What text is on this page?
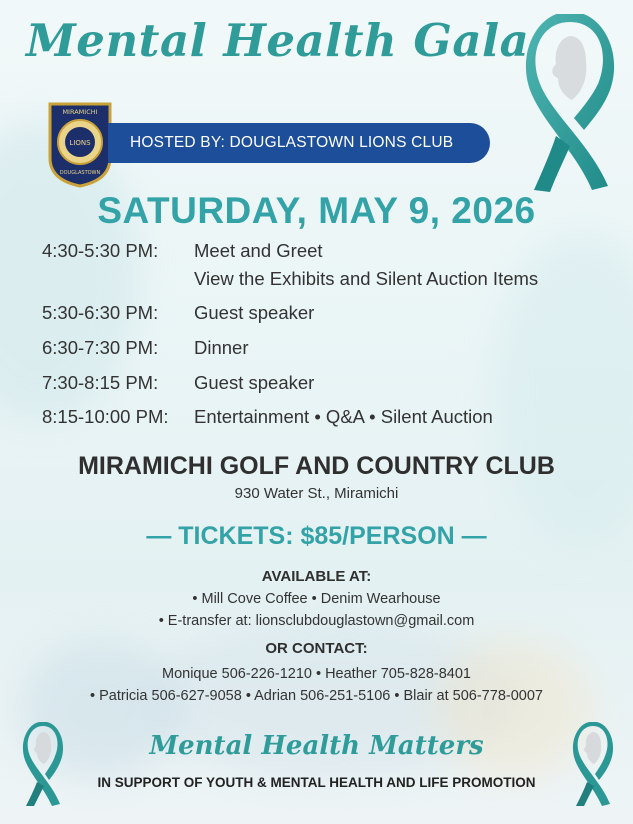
Mental Health Gala
LIONS
MIRAMICHI
DOUGLASTOWN
HOSTED BY: DOUGLASTOWN LIONS CLUB
SATURDAY, MAY 9, 2026
4:30-5:30 PM: Meet and Greet
View the Exhibits and Silent Auction Items
5:30-6:30 PM: Guest speaker
6:30-7:30 PM: Dinner
7:30-8:15 PM: Guest speaker
8:15-10:00 PM: Entertainment • Q&A • Silent Auction
MIRAMICHI GOLF AND COUNTRY CLUB
930 Water St., Miramichi
— TICKETS: $85/PERSON —
AVAILABLE AT:
• Mill Cove Coffee • Denim Wearhouse
• E-transfer at: lionsclubdouglastown@gmail.com
OR CONTACT:
Monique 506-226-1210 • Heather 705-828-8401
• Patricia 506-627-9058 • Adrian 506-251-5106 • Blair at 506-778-0007
Mental Health Matters
IN SUPPORT OF YOUTH & MENTAL HEALTH AND LIFE PROMOTION
